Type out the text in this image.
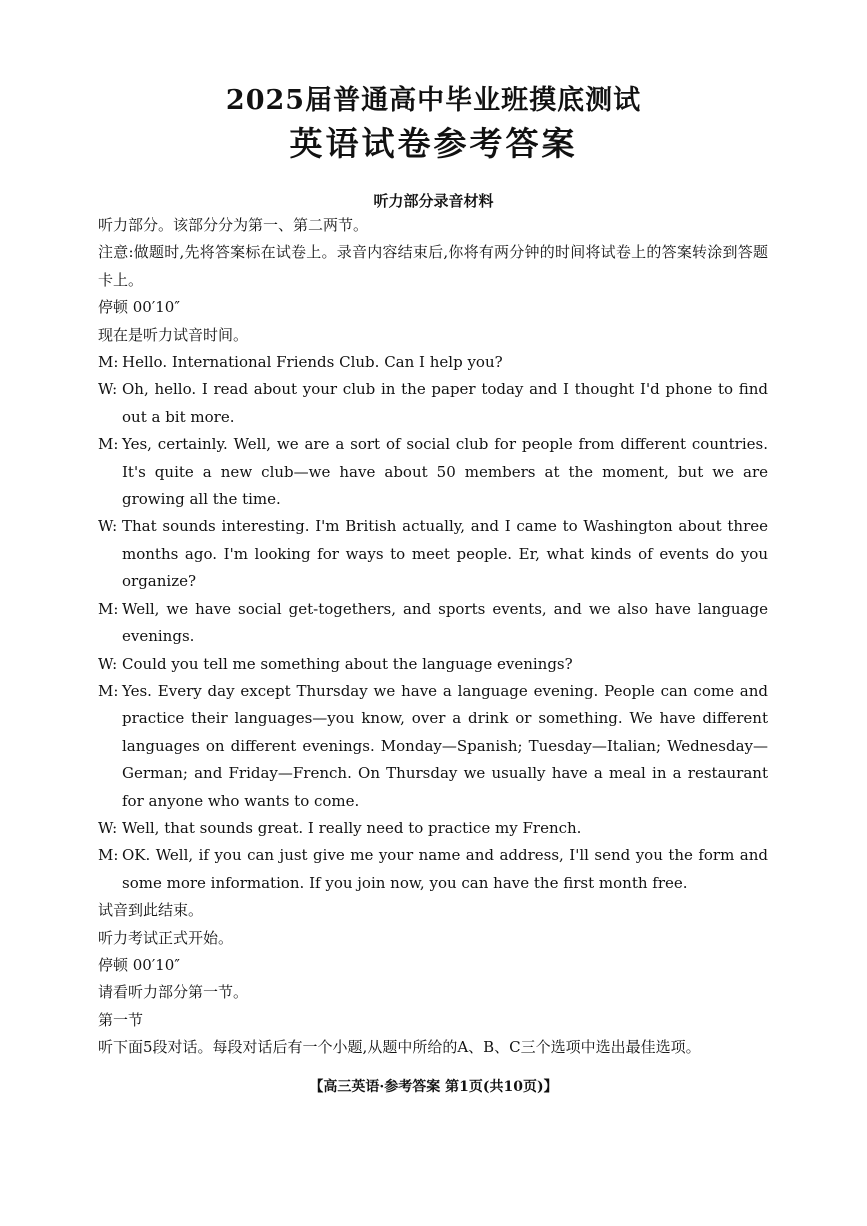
2025届普通高中毕业班摸底测试
英语试卷参考答案
听力部分录音材料
听力部分。该部分分为第一、第二两节。
注意:做题时,先将答案标在试卷上。录音内容结束后,你将有两分钟的时间将试卷上的答案转涂到答题卡上。
停顿 00′10″
现在是听力试音时间。
M: Hello. International Friends Club. Can I help you?
W: Oh, hello. I read about your club in the paper today and I thought I'd phone to find out a bit more.
M: Yes, certainly. Well, we are a sort of social club for people from different countries. It's quite a new club—we have about 50 members at the moment, but we are growing all the time.
W: That sounds interesting. I'm British actually, and I came to Washington about three months ago. I'm looking for ways to meet people. Er, what kinds of events do you organize?
M: Well, we have social get-togethers, and sports events, and we also have language evenings.
W: Could you tell me something about the language evenings?
M: Yes. Every day except Thursday we have a language evening. People can come and practice their languages—you know, over a drink or something. We have different languages on different evenings. Monday—Spanish; Tuesday—Italian; Wednesday—German; and Friday—French. On Thursday we usually have a meal in a restaurant for anyone who wants to come.
W: Well, that sounds great. I really need to practice my French.
M: OK. Well, if you can just give me your name and address, I'll send you the form and some more information. If you join now, you can have the first month free.
试音到此结束。
听力考试正式开始。
停顿 00′10″
请看听力部分第一节。
第一节
听下面5段对话。每段对话后有一个小题,从题中所给的A、B、C三个选项中选出最佳选项。
【高三英语·参考答案 第1页(共10页)】
